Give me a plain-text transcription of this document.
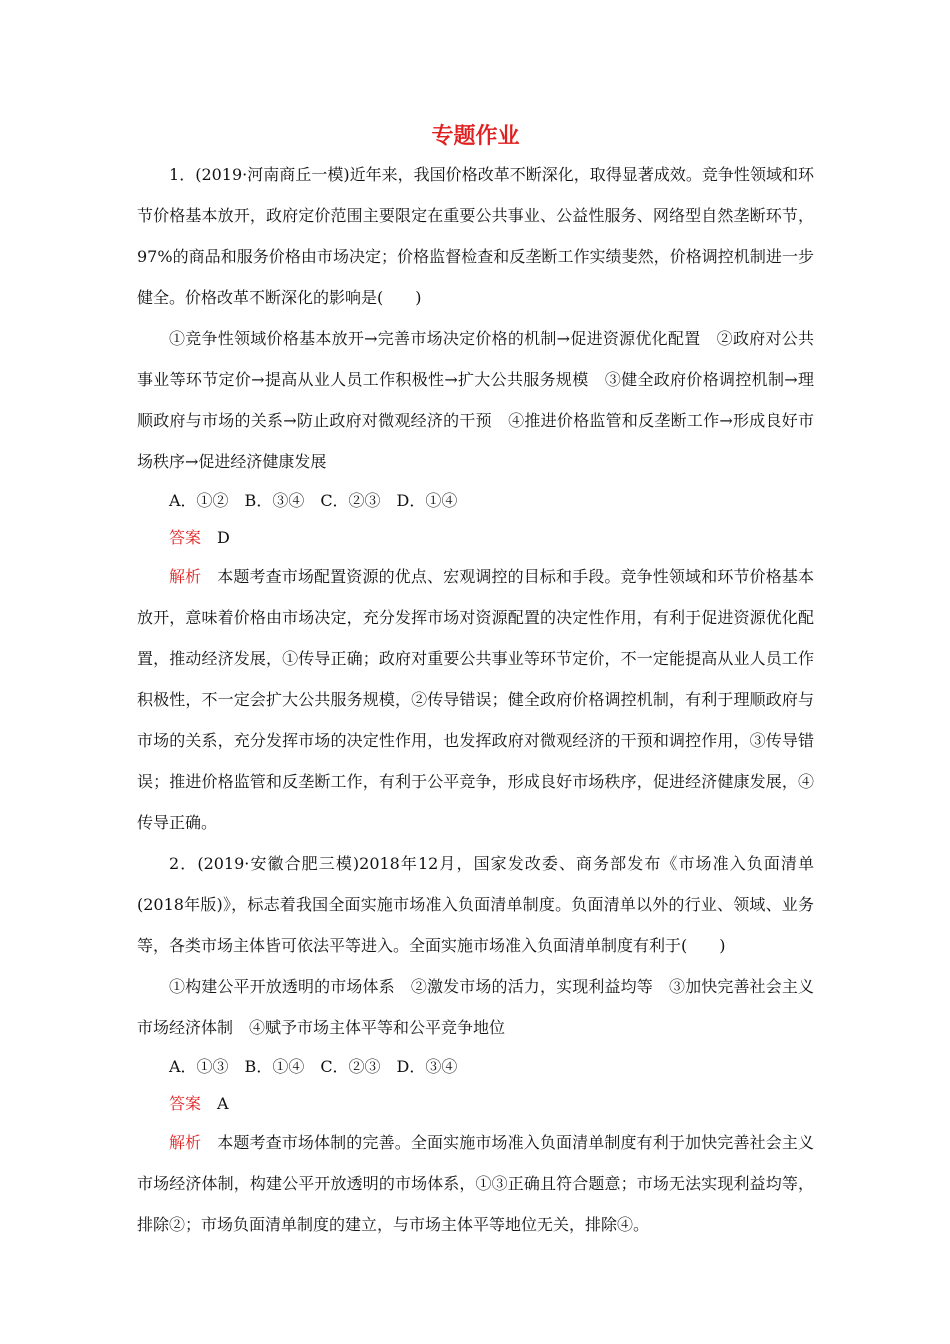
专题作业

1．(2019·河南商丘一模)近年来，我国价格改革不断深化，取得显著成效。竞争性领域和环节价格基本放开，政府定价范围主要限定在重要公共事业、公益性服务、网络型自然垄断环节，97%的商品和服务价格由市场决定；价格监督检查和反垄断工作实绩斐然，价格调控机制进一步健全。价格改革不断深化的影响是(　　)

①竞争性领域价格基本放开→完善市场决定价格的机制→促进资源优化配置　②政府对公共事业等环节定价→提高从业人员工作积极性→扩大公共服务规模　③健全政府价格调控机制→理顺政府与市场的关系→防止政府对微观经济的干预　④推进价格监管和反垄断工作→形成良好市场秩序→促进经济健康发展

A．①②　B．③④　C．②③　D．①④

答案 D

解析 本题考查市场配置资源的优点、宏观调控的目标和手段。竞争性领域和环节价格基本放开，意味着价格由市场决定，充分发挥市场对资源配置的决定性作用，有利于促进资源优化配置，推动经济发展，①传导正确；政府对重要公共事业等环节定价，不一定能提高从业人员工作积极性，不一定会扩大公共服务规模，②传导错误；健全政府价格调控机制，有利于理顺政府与市场的关系，充分发挥市场的决定性作用，也发挥政府对微观经济的干预和调控作用，③传导错误；推进价格监管和反垄断工作，有利于公平竞争，形成良好市场秩序，促进经济健康发展，④传导正确。

2．(2019·安徽合肥三模)2018年12月，国家发改委、商务部发布《市场准入负面清单(2018年版)》，标志着我国全面实施市场准入负面清单制度。负面清单以外的行业、领域、业务等，各类市场主体皆可依法平等进入。全面实施市场准入负面清单制度有利于(　　)

①构建公平开放透明的市场体系　②激发市场的活力，实现利益均等　③加快完善社会主义市场经济体制　④赋予市场主体平等和公平竞争地位

A．①③　B．①④　C．②③　D．③④

答案 A

解析 本题考查市场体制的完善。全面实施市场准入负面清单制度有利于加快完善社会主义市场经济体制，构建公平开放透明的市场体系，①③正确且符合题意；市场无法实现利益均等，排除②；市场负面清单制度的建立，与市场主体平等地位无关，排除④。
